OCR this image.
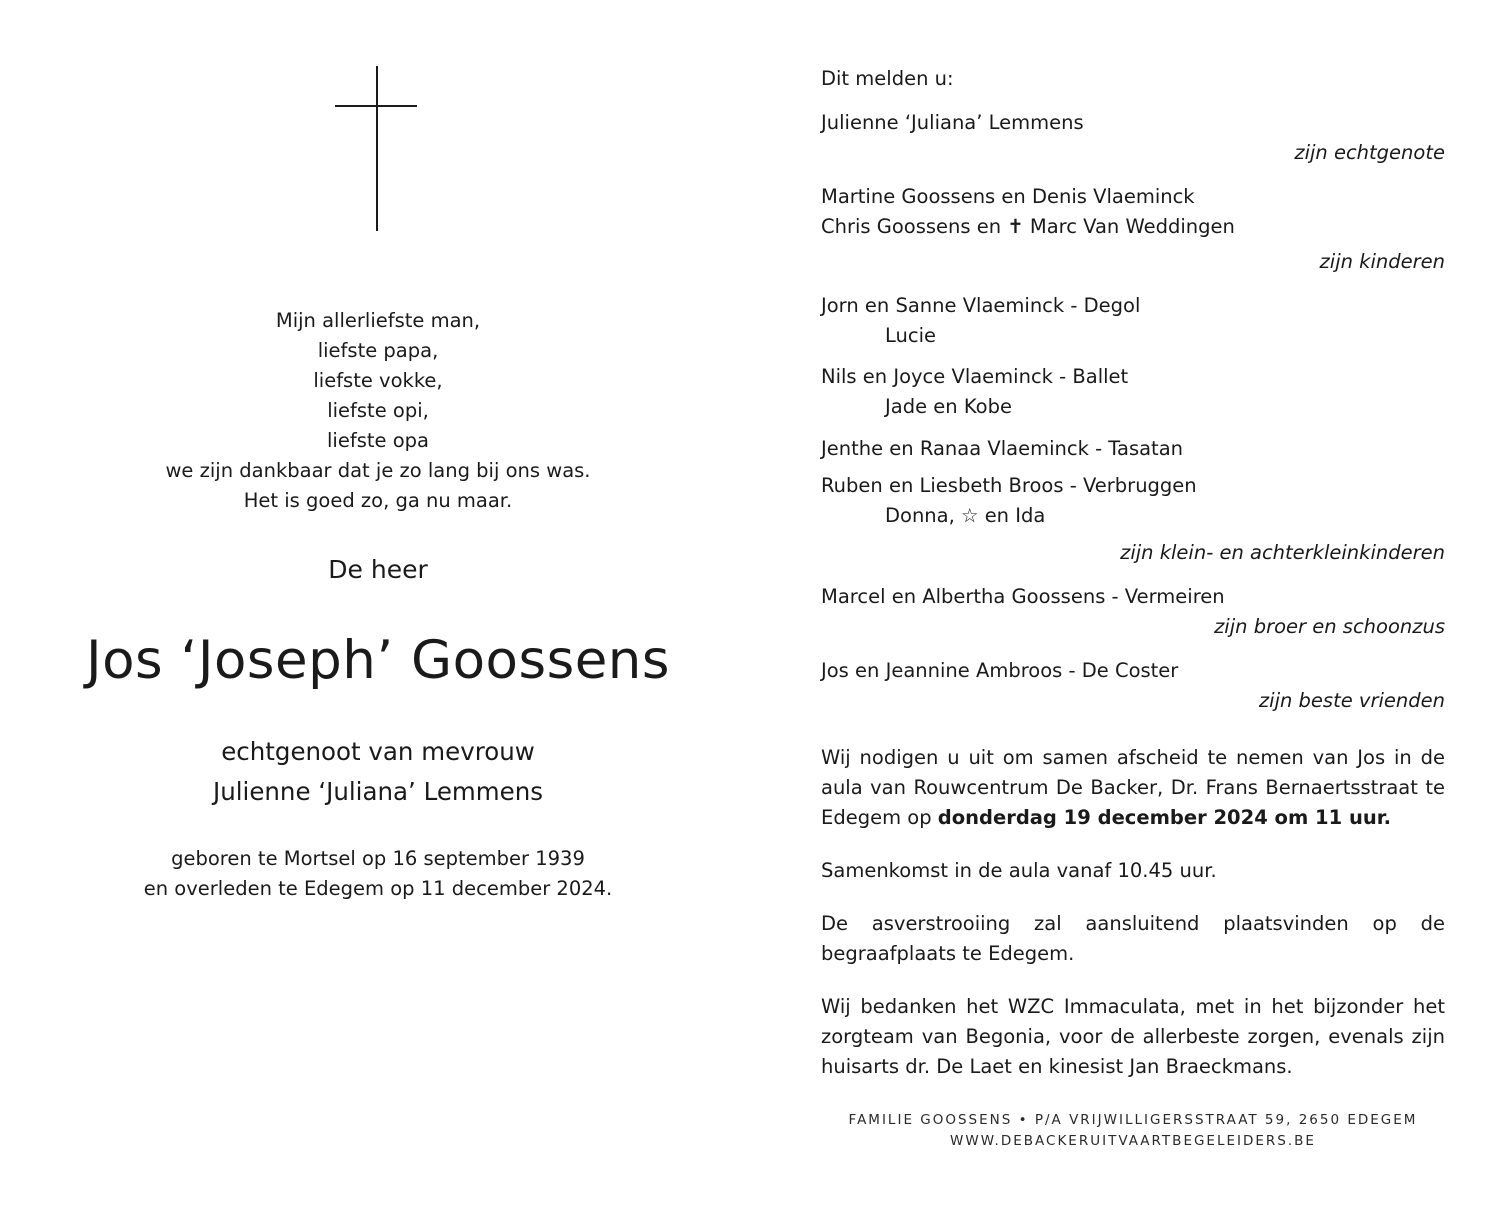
Mijn allerliefste man,
liefste papa,
liefste vokke,
liefste opi,
liefste opa
we zijn dankbaar dat je zo lang bij ons was.
Het is goed zo, ga nu maar.
De heer
Jos ‘Joseph’ Goossens
echtgenoot van mevrouw
Julienne ‘Juliana’ Lemmens
geboren te Mortsel op 16 september 1939
en overleden te Edegem op 11 december 2024.
Dit melden u:
Julienne ‘Juliana’ Lemmens
zijn echtgenote
Martine Goossens en Denis Vlaeminck
Chris Goossens en ✝ Marc Van Weddingen
zijn kinderen
Jorn en Sanne Vlaeminck - Degol
Lucie
Nils en Joyce Vlaeminck - Ballet
Jade en Kobe
Jenthe en Ranaa Vlaeminck - Tasatan
Ruben en Liesbeth Broos - Verbruggen
Donna, ☆ en Ida
zijn klein- en achterkleinkinderen
Marcel en Albertha Goossens - Vermeiren
zijn broer en schoonzus
Jos en Jeannine Ambroos - De Coster
zijn beste vrienden
Wij nodigen u uit om samen afscheid te nemen van Jos in de aula van Rouwcentrum De Backer, Dr. Frans Bernaertsstraat te Edegem op donderdag 19 december 2024 om 11 uur.
Samenkomst in de aula vanaf 10.45 uur.
De asverstrooiing zal aansluitend plaatsvinden op de begraafplaats te Edegem.
Wij bedanken het WZC Immaculata, met in het bijzonder het zorgteam van Begonia, voor de allerbeste zorgen, evenals zijn huisarts dr. De Laet en kinesist Jan Braeckmans.
FAMILIE GOOSSENS • P/A VRIJWILLIGERSSTRAAT 59, 2650 EDEGEM
WWW.DEBACKERUITVAARTBEGELEIDERS.BE
